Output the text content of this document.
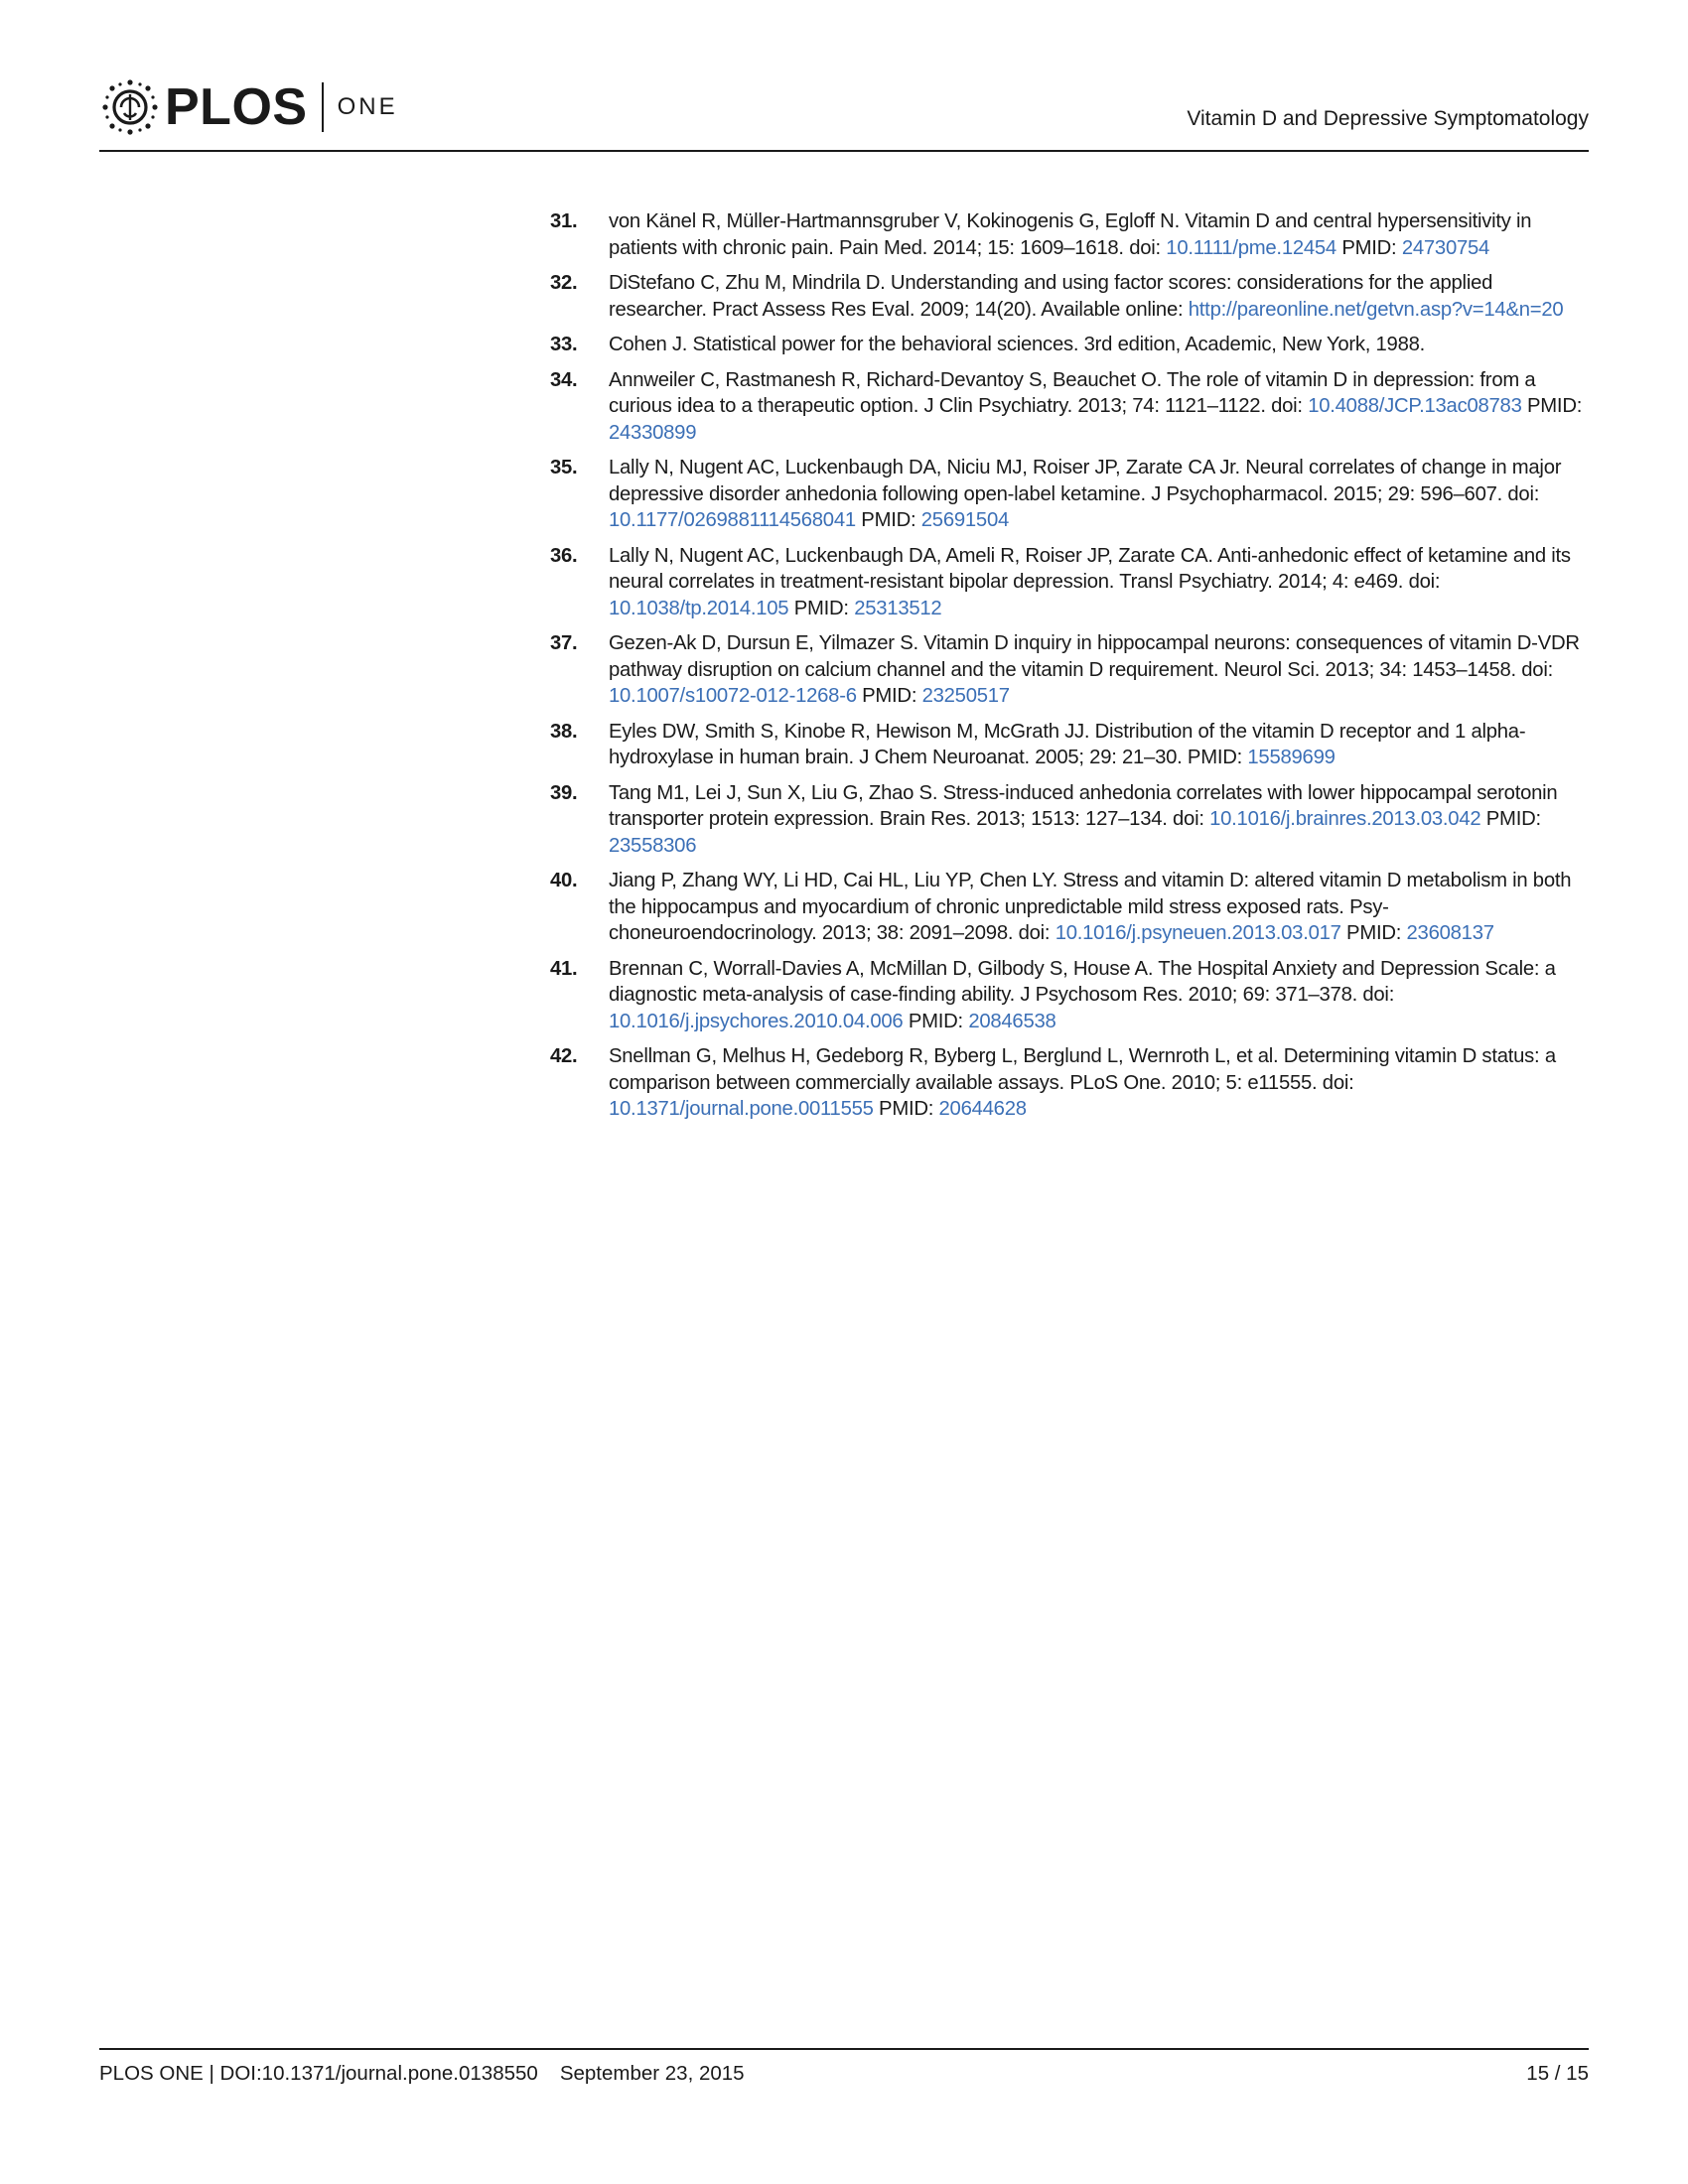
PLOS ONE	Vitamin D and Depressive Symptomatology
31.	von Känel R, Müller-Hartmannsgruber V, Kokinogenis G, Egloff N. Vitamin D and central hypersensitivity in patients with chronic pain. Pain Med. 2014; 15: 1609–1618. doi: 10.1111/pme.12454 PMID: 24730754
32.	DiStefano C, Zhu M, Mindrila D. Understanding and using factor scores: considerations for the applied researcher. Pract Assess Res Eval. 2009; 14(20). Available online: http://pareonline.net/getvn.asp?v=14&n=20
33.	Cohen J. Statistical power for the behavioral sciences. 3rd edition, Academic, New York, 1988.
34.	Annweiler C, Rastmanesh R, Richard-Devantoy S, Beauchet O. The role of vitamin D in depression: from a curious idea to a therapeutic option. J Clin Psychiatry. 2013; 74: 1121–1122. doi: 10.4088/JCP.13ac08783 PMID: 24330899
35.	Lally N, Nugent AC, Luckenbaugh DA, Niciu MJ, Roiser JP, Zarate CA Jr. Neural correlates of change in major depressive disorder anhedonia following open-label ketamine. J Psychopharmacol. 2015; 29: 596–607. doi: 10.1177/0269881114568041 PMID: 25691504
36.	Lally N, Nugent AC, Luckenbaugh DA, Ameli R, Roiser JP, Zarate CA. Anti-anhedonic effect of ketamine and its neural correlates in treatment-resistant bipolar depression. Transl Psychiatry. 2014; 4: e469. doi: 10.1038/tp.2014.105 PMID: 25313512
37.	Gezen-Ak D, Dursun E, Yilmazer S. Vitamin D inquiry in hippocampal neurons: consequences of vitamin D-VDR pathway disruption on calcium channel and the vitamin D requirement. Neurol Sci. 2013; 34: 1453–1458. doi: 10.1007/s10072-012-1268-6 PMID: 23250517
38.	Eyles DW, Smith S, Kinobe R, Hewison M, McGrath JJ. Distribution of the vitamin D receptor and 1 alpha-hydroxylase in human brain. J Chem Neuroanat. 2005; 29: 21–30. PMID: 15589699
39.	Tang M1, Lei J, Sun X, Liu G, Zhao S. Stress-induced anhedonia correlates with lower hippocampal serotonin transporter protein expression. Brain Res. 2013; 1513: 127–134. doi: 10.1016/j.brainres.2013.03.042 PMID: 23558306
40.	Jiang P, Zhang WY, Li HD, Cai HL, Liu YP, Chen LY. Stress and vitamin D: altered vitamin D metabolism in both the hippocampus and myocardium of chronic unpredictable mild stress exposed rats. Psychoneuroendocrinology. 2013; 38: 2091–2098. doi: 10.1016/j.psyneuen.2013.03.017 PMID: 23608137
41.	Brennan C, Worrall-Davies A, McMillan D, Gilbody S, House A. The Hospital Anxiety and Depression Scale: a diagnostic meta-analysis of case-finding ability. J Psychosom Res. 2010; 69: 371–378. doi: 10.1016/j.jpsychores.2010.04.006 PMID: 20846538
42.	Snellman G, Melhus H, Gedeborg R, Byberg L, Berglund L, Wernroth L, et al. Determining vitamin D status: a comparison between commercially available assays. PLoS One. 2010; 5: e11555. doi: 10.1371/journal.pone.0011555 PMID: 20644628
PLOS ONE | DOI:10.1371/journal.pone.0138550 September 23, 2015	15 / 15
